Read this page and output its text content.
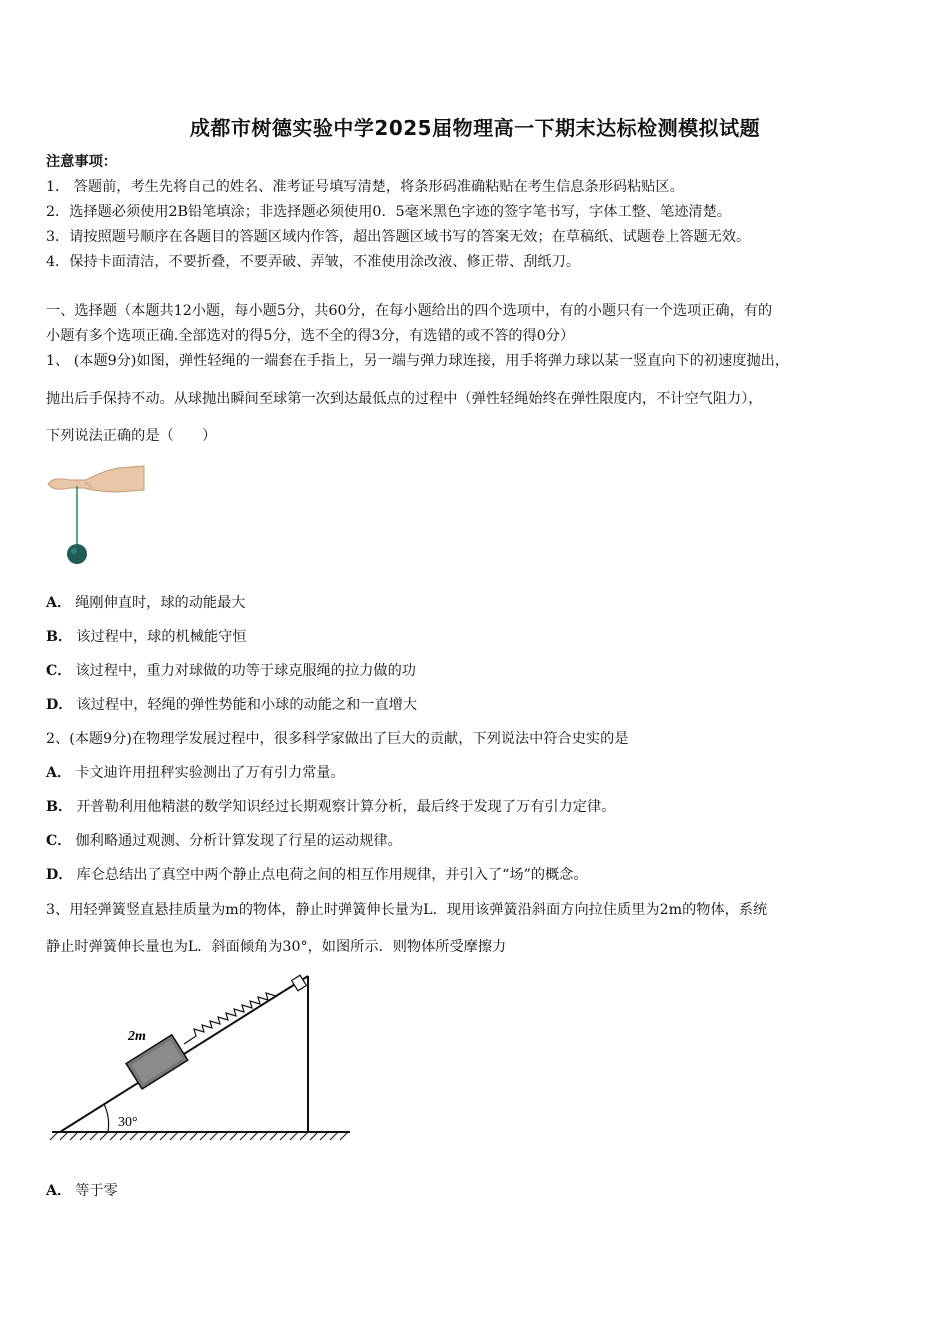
成都市树德实验中学2025届物理高一下期末达标检测模拟试题
注意事项：
1． 答题前，考生先将自己的姓名、准考证号填写清楚，将条形码准确粘贴在考生信息条形码粘贴区。
2．选择题必须使用2B铅笔填涂；非选择题必须使用0．5毫米黑色字迹的签字笔书写，字体工整、笔迹清楚。
3．请按照题号顺序在各题目的答题区域内作答，超出答题区域书写的答案无效；在草稿纸、试题卷上答题无效。
4．保持卡面清洁，不要折叠，不要弄破、弄皱，不准使用涂改液、修正带、刮纸刀。
一、选择题（本题共12小题，每小题5分，共60分，在每小题给出的四个选项中，有的小题只有一个选项正确，有的
小题有多个选项正确.全部选对的得5分，选不全的得3分，有选错的或不答的得0分）
1、 (本题9分)如图，弹性轻绳的一端套在手指上，另一端与弹力球连接，用手将弹力球以某一竖直向下的初速度抛出，
抛出后手保持不动。从球抛出瞬间至球第一次到达最低点的过程中（弹性轻绳始终在弹性限度内，不计空气阻力），
下列说法正确的是（　　）
A． 绳刚伸直时，球的动能最大
B． 该过程中，球的机械能守恒
C． 该过程中，重力对球做的功等于球克服绳的拉力做的功
D． 该过程中，轻绳的弹性势能和小球的动能之和一直增大
2、(本题9分)在物理学发展过程中，很多科学家做出了巨大的贡献，下列说法中符合史实的是
A． 卡文迪许用扭秤实验测出了万有引力常量。
B． 开普勒利用他精湛的数学知识经过长期观察计算分析，最后终于发现了万有引力定律。
C． 伽利略通过观测、分析计算发现了行星的运动规律。
D． 库仑总结出了真空中两个静止点电荷之间的相互作用规律，并引入了“场”的概念。
3、用轻弹簧竖直悬挂质量为m的物体，静止时弹簧伸长量为L．现用该弹簧沿斜面方向拉住质里为2m的物体，系统
静止时弹簧伸长量也为L．斜面倾角为30°，如图所示．则物体所受摩擦力
30°
2m
A． 等于零
